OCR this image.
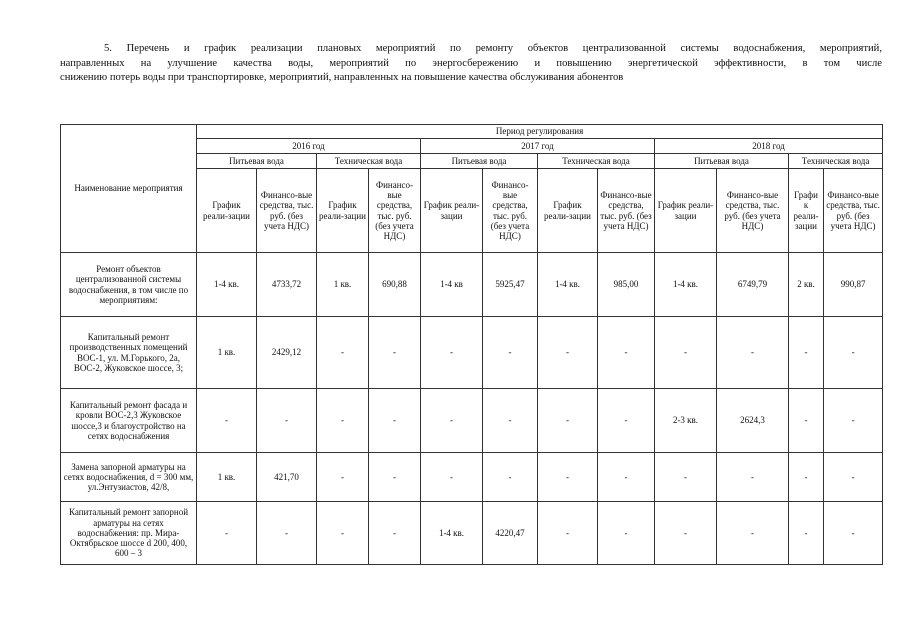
5. Перечень и график реализации плановых мероприятий по ремонту объектов централизованной системы водоснабжения, мероприятий,
направленных на улучшение качества воды, мероприятий по энергосбережению и повышению энергетической эффективности, в том числе
снижению потерь воды при транспортировке, мероприятий, направленных на повышение качества обслуживания абонентов
Наименование мероприятия	Период регулирования											
	2016 год				2017 год				2018 год			
	Питьевая вода		Техническая вода		Питьевая вода		Техническая вода		Питьевая вода		Техническая вода	
	График реали-зации	Финансо-вые средства, тыс. руб. (без учета НДС)	График реали-зации	Финансо-вые средства, тыс. руб. (без учета НДС)	График реали-зации	Финансо-вые средства, тыс. руб. (без учета НДС)	График реали-зации	Финансо-вые средства, тыс. руб. (без учета НДС)	График реали-зации	Финансо-вые средства, тыс. руб. (без учета НДС)	Графи к реали-зации	Финансо-вые средства, тыс. руб. (без учета НДС)
Ремонт объектов централизованной системы водоснабжения, в том числе по мероприятиям:	1-4 кв.	4733,72	1 кв.	690,88	1-4 кв	5925,47	1-4 кв.	985,00	1-4 кв.	6749,79	2 кв.	990,87
Капитальный ремонт производственных помещений ВОС-1, ул. М.Горького, 2а, ВОС-2, Жуковское шоссе, 3;	1 кв.	2429,12	-	-	-	-	-	-	-	-	-	-
Капитальный ремонт фасада и кровли ВОС-2,3 Жуковское шоссе,3 и благоустройство на сетях водоснабжения	-	-	-	-	-	-	-	-	2-3 кв.	2624,3	-	-
Замена запорной арматуры на сетях водоснабжения, d = 300 мм, ул.Энтузиастов, 42/8,	1 кв.	421,70	-	-	-	-	-	-	-	-	-	-
Капитальный ремонт запорной арматуры на сетях водоснабжения: пр. Мира-Октябрьское шоссе d 200, 400, 600 – 3	-	-	-	-	1-4 кв.	4220,47	-	-	-	-	-	-
